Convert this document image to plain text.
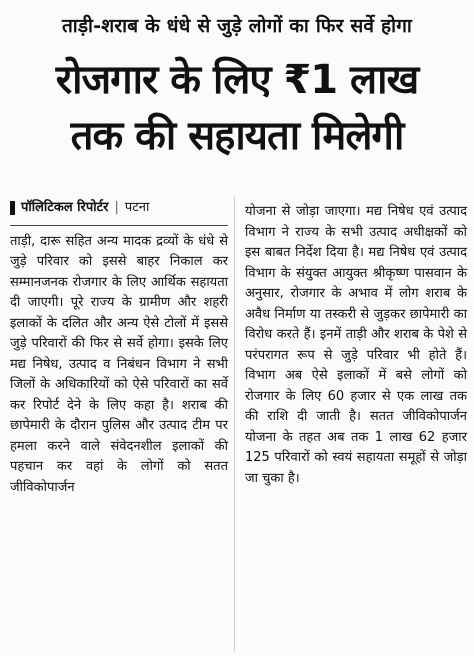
ताड़ी-शराब के धंधे से जुड़े लोगों का फिर सर्वे होगा
रोजगार के लिए ₹1 लाख
तक की सहायता मिलेगी
पॉलिटिकल रिपोर्टर | पटना

ताड़ी, दारू सहित अन्य मादक द्रव्यों के धंधे से जुड़े परिवार को इससे बाहर निकाल कर सम्मानजनक रोजगार के लिए आर्थिक सहायता दी जाएगी। पूरे राज्य के ग्रामीण और शहरी इलाकों के दलित और अन्य ऐसे टोलों में इससे जुड़े परिवारों की फिर से सर्वे होगा। इसके लिए मद्य निषेध, उत्पाद व निबंधन विभाग ने सभी जिलों के अधिकारियों को ऐसे परिवारों का सर्वे कर रिपोर्ट देने के लिए कहा है। शराब की छापेमारी के दौरान पुलिस और उत्पाद टीम पर हमला करने वाले संवेदनशील इलाकों की पहचान कर वहां के लोगों को सतत जीविकोपार्जन

योजना से जोड़ा जाएगा। मद्य निषेध एवं उत्पाद विभाग ने राज्य के सभी उत्पाद अधीक्षकों को इस बाबत निर्देश दिया है। मद्य निषेध एवं उत्पाद विभाग के संयुक्त आयुक्त श्रीकृष्ण पासवान के अनुसार, रोजगार के अभाव में लोग शराब के अवैध निर्माण या तस्करी से जुड़कर छापेमारी का विरोध करते हैं। इनमें ताड़ी और शराब के पेशे से परंपरागत रूप से जुड़े परिवार भी होते हैं। विभाग अब ऐसे इलाकों में बसे लोगों को रोजगार के लिए 60 हजार से एक लाख तक की राशि दी जाती है। सतत जीविकोपार्जन योजना के तहत अब तक 1 लाख 62 हजार 125 परिवारों को स्वयं सहायता समूहों से जोड़ा जा चुका है।
